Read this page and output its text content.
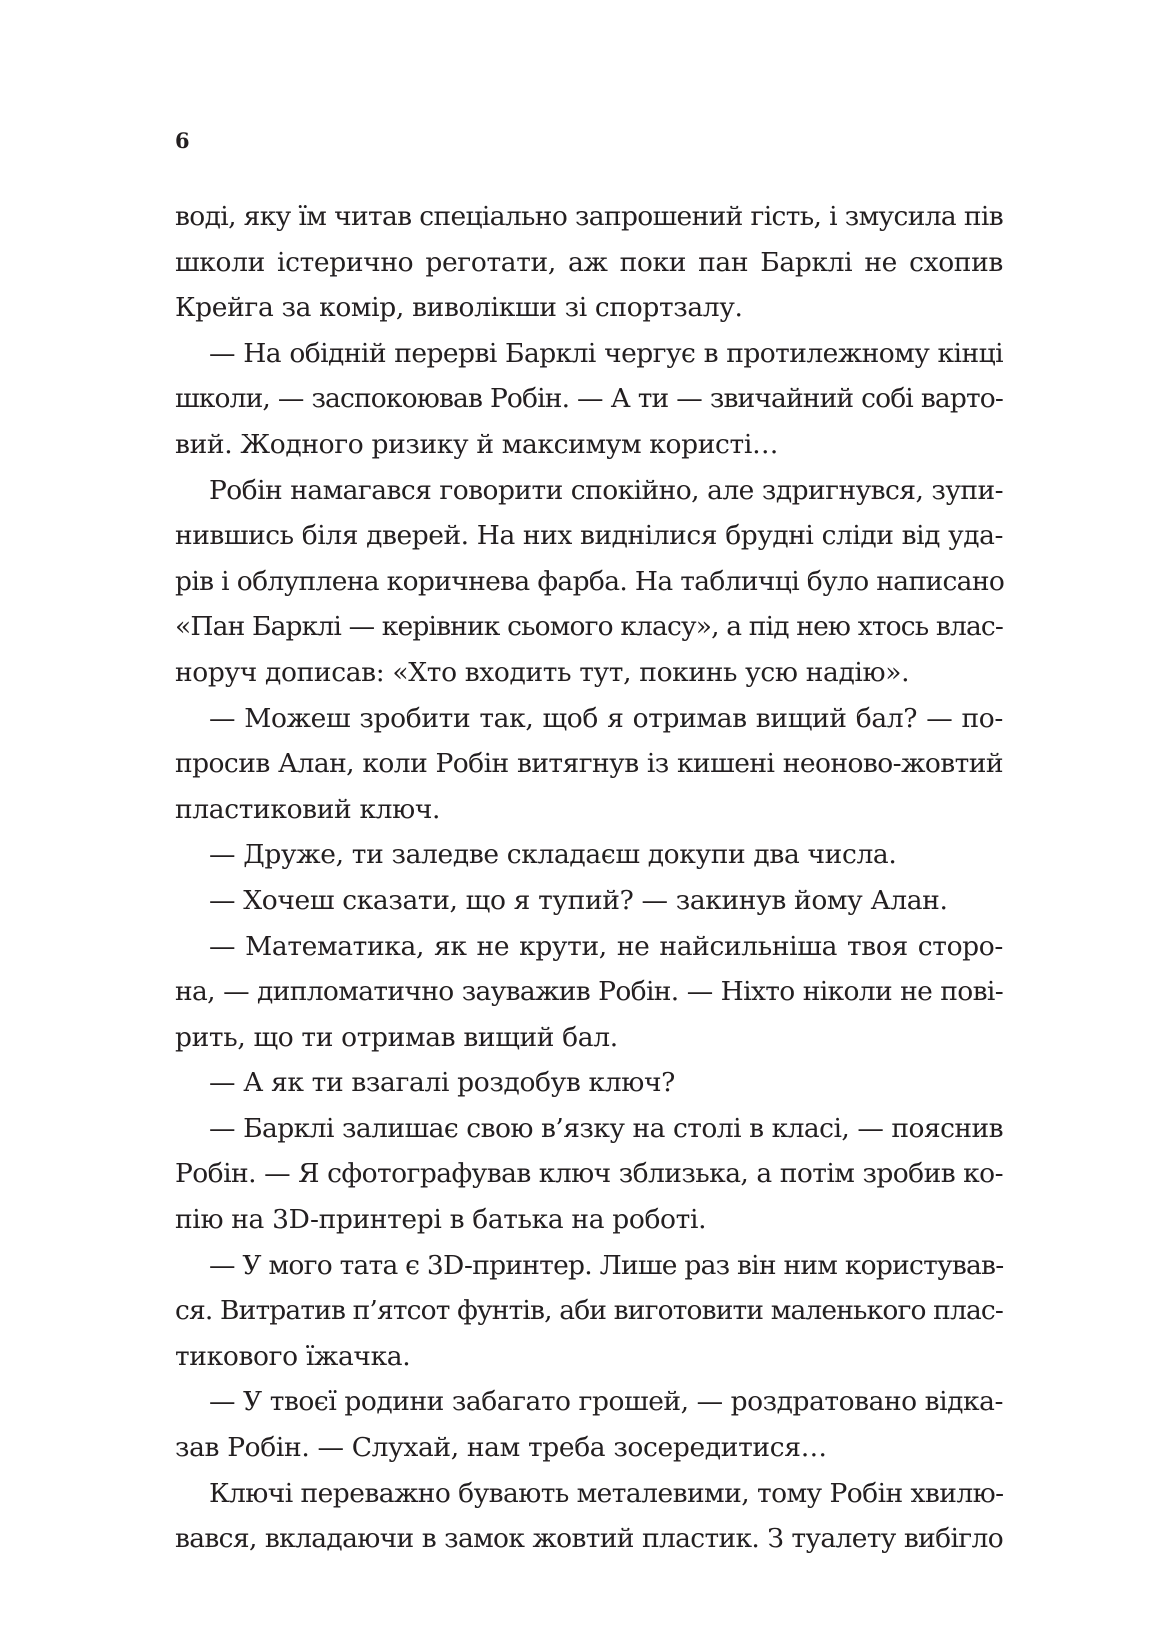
6
воді, яку їм читав спеціально запрошений гість, і змусила пів
школи істерично реготати, аж поки пан Барклі не схопив
Крейга за комір, виволікши зі спортзалу.
— На обідній перерві Барклі чергує в протилежному кінці
школи, — заспокоював Робін. — А ти — звичайний собі варто-
вий. Жодного ризику й максимум користі…
Робін намагався говорити спокійно, але здригнувся, зупи-
нившись біля дверей. На них виднілися брудні сліди від уда-
рів і облуплена коричнева фарба. На табличці було написано
«Пан Барклі — керівник сьомого класу», а під нею хтось влас-
норуч дописав: «Хто входить тут, покинь усю надію».
— Можеш зробити так, щоб я отримав вищий бал? — по-
просив Алан, коли Робін витягнув із кишені неоново-жовтий
пластиковий ключ.
— Друже, ти заледве складаєш докупи два числа.
— Хочеш сказати, що я тупий? — закинув йому Алан.
— Математика, як не крути, не найсильніша твоя сторо-
на, — дипломатично зауважив Робін. — Ніхто ніколи не пові-
рить, що ти отримав вищий бал.
— А як ти взагалі роздобув ключ?
— Барклі залишає свою в’язку на столі в класі, — пояснив
Робін. — Я сфотографував ключ зблизька, а потім зробив ко-
пію на 3D-принтері в батька на роботі.
— У мого тата є 3D-принтер. Лише раз він ним користував-
ся. Витратив п’ятсот фунтів, аби виготовити маленького плас-
тикового їжачка.
— У твоєї родини забагато грошей, — роздратовано відка-
зав Робін. — Слухай, нам треба зосередитися…
Ключі переважно бувають металевими, тому Робін хвилю-
вався, вкладаючи в замок жовтий пластик. З туалету вибігло
